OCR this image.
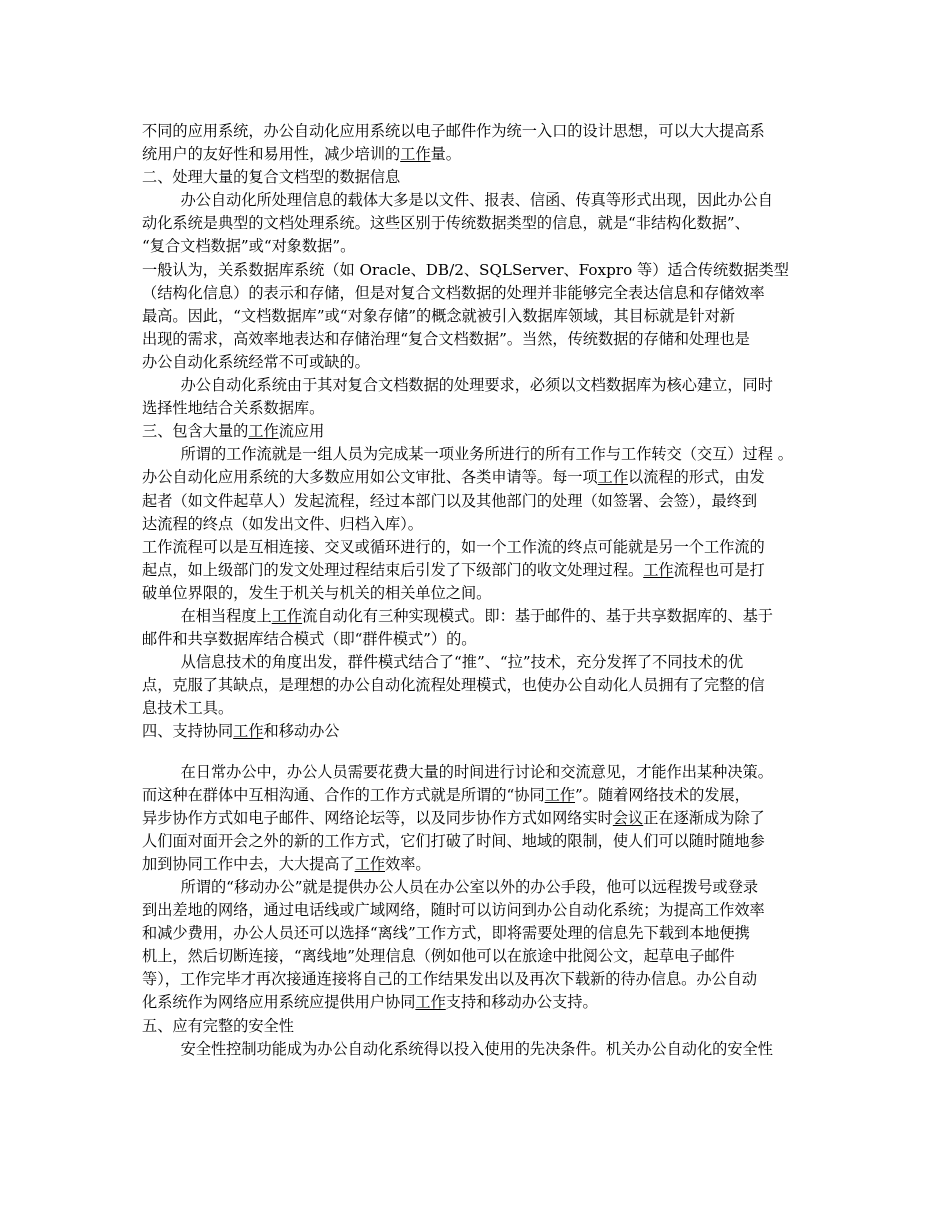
不同的应用系统，办公自动化应用系统以电子邮件作为统一入口的设计思想，可以大大提高系
统用户的友好性和易用性，减少培训的工作量。
二、处理大量的复合文档型的数据信息
办公自动化所处理信息的载体大多是以文件、报表、信函、传真等形式出现，因此办公自
动化系统是典型的文档处理系统。这些区别于传统数据类型的信息，就是“非结构化数据”、
“复合文档数据”或“对象数据”。
一般认为，关系数据库系统（如 Oracle、DB/2、SQLServer、Foxpro 等）适合传统数据类型
（结构化信息）的表示和存储，但是对复合文档数据的处理并非能够完全表达信息和存储效率
最高。因此，“文档数据库”或“对象存储”的概念就被引入数据库领域，其目标就是针对新
出现的需求，高效率地表达和存储治理“复合文档数据”。当然，传统数据的存储和处理也是
办公自动化系统经常不可或缺的。
办公自动化系统由于其对复合文档数据的处理要求，必须以文档数据库为核心建立，同时
选择性地结合关系数据库。
三、包含大量的工作流应用
所谓的工作流就是一组人员为完成某一项业务所进行的所有工作与工作转交（交互）过程 。
办公自动化应用系统的大多数应用如公文审批、各类申请等。每一项工作以流程的形式，由发
起者（如文件起草人）发起流程，经过本部门以及其他部门的处理（如签署、会签），最终到
达流程的终点（如发出文件、归档入库）。
工作流程可以是互相连接、交叉或循环进行的，如一个工作流的终点可能就是另一个工作流的
起点，如上级部门的发文处理过程结束后引发了下级部门的收文处理过程。工作流程也可是打
破单位界限的，发生于机关与机关的相关单位之间。
在相当程度上工作流自动化有三种实现模式。即：基于邮件的、基于共享数据库的、基于
邮件和共享数据库结合模式（即“群件模式”）的。
从信息技术的角度出发，群件模式结合了“推”、“拉”技术，充分发挥了不同技术的优
点，克服了其缺点，是理想的办公自动化流程处理模式，也使办公自动化人员拥有了完整的信
息技术工具。
四、支持协同工作和移动办公
在日常办公中，办公人员需要花费大量的时间进行讨论和交流意见，才能作出某种决策。
而这种在群体中互相沟通、合作的工作方式就是所谓的“协同工作”。随着网络技术的发展，
异步协作方式如电子邮件、网络论坛等，以及同步协作方式如网络实时会议正在逐渐成为除了
人们面对面开会之外的新的工作方式，它们打破了时间、地域的限制，使人们可以随时随地参
加到协同工作中去，大大提高了工作效率。
所谓的“移动办公”就是提供办公人员在办公室以外的办公手段，他可以远程拨号或登录
到出差地的网络，通过电话线或广域网络，随时可以访问到办公自动化系统；为提高工作效率
和减少费用，办公人员还可以选择“离线”工作方式，即将需要处理的信息先下载到本地便携
机上，然后切断连接，“离线地”处理信息（例如他可以在旅途中批阅公文，起草电子邮件
等），工作完毕才再次接通连接将自己的工作结果发出以及再次下载新的待办信息。办公自动
化系统作为网络应用系统应提供用户协同工作支持和移动办公支持。
五、应有完整的安全性
安全性控制功能成为办公自动化系统得以投入使用的先决条件。机关办公自动化的安全性
